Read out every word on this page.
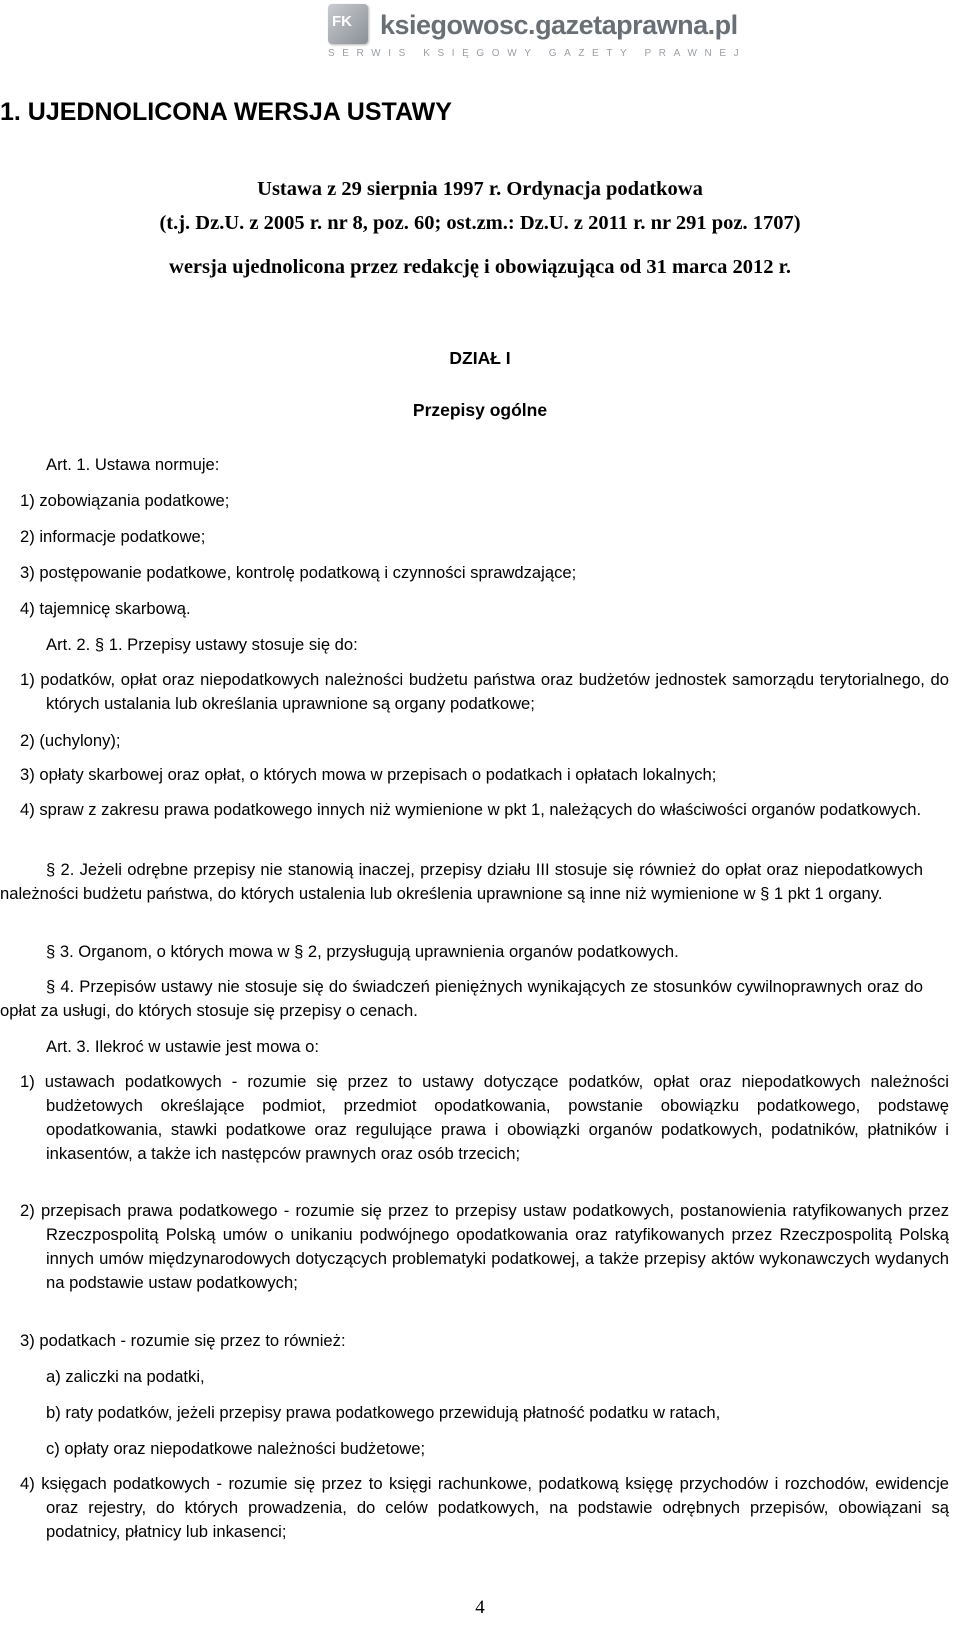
FK ksiegowosc.gazetaprawna.pl
SERWIS KSIĘGOWY GAZETY PRAWNEJ
1. UJEDNOLICONA WERSJA USTAWY
Ustawa z 29 sierpnia 1997 r. Ordynacja podatkowa
(t.j. Dz.U. z 2005 r. nr 8, poz. 60; ost.zm.: Dz.U. z 2011 r. nr 291 poz. 1707)
wersja ujednolicona przez redakcję i obowiązująca od 31 marca 2012 r.
DZIAŁ I
Przepisy ogólne
Art. 1. Ustawa normuje:
1) zobowiązania podatkowe;
2) informacje podatkowe;
3) postępowanie podatkowe, kontrolę podatkową i czynności sprawdzające;
4) tajemnicę skarbową.
Art. 2. § 1. Przepisy ustawy stosuje się do:
1) podatków, opłat oraz niepodatkowych należności budżetu państwa oraz budżetów jednostek samorządu terytorialnego, do których ustalania lub określania uprawnione są organy podatkowe;
2) (uchylony);
3) opłaty skarbowej oraz opłat, o których mowa w przepisach o podatkach i opłatach lokalnych;
4) spraw z zakresu prawa podatkowego innych niż wymienione w pkt 1, należących do właściwości organów podatkowych.
§ 2. Jeżeli odrębne przepisy nie stanowią inaczej, przepisy działu III stosuje się również do opłat oraz niepodatkowych należności budżetu państwa, do których ustalenia lub określenia uprawnione są inne niż wymienione w § 1 pkt 1 organy.
§ 3. Organom, o których mowa w § 2, przysługują uprawnienia organów podatkowych.
§ 4. Przepisów ustawy nie stosuje się do świadczeń pieniężnych wynikających ze stosunków cywilnoprawnych oraz do opłat za usługi, do których stosuje się przepisy o cenach.
Art. 3. Ilekroć w ustawie jest mowa o:
1) ustawach podatkowych - rozumie się przez to ustawy dotyczące podatków, opłat oraz niepodatkowych należności budżetowych określające podmiot, przedmiot opodatkowania, powstanie obowiązku podatkowego, podstawę opodatkowania, stawki podatkowe oraz regulujące prawa i obowiązki organów podatkowych, podatników, płatników i inkasentów, a także ich następców prawnych oraz osób trzecich;
2) przepisach prawa podatkowego - rozumie się przez to przepisy ustaw podatkowych, postanowienia ratyfikowanych przez Rzeczpospolitą Polską umów o unikaniu podwójnego opodatkowania oraz ratyfikowanych przez Rzeczpospolitą Polską innych umów międzynarodowych dotyczących problematyki podatkowej, a także przepisy aktów wykonawczych wydanych na podstawie ustaw podatkowych;
3) podatkach - rozumie się przez to również:
a) zaliczki na podatki,
b) raty podatków, jeżeli przepisy prawa podatkowego przewidują płatność podatku w ratach,
c) opłaty oraz niepodatkowe należności budżetowe;
4) księgach podatkowych - rozumie się przez to księgi rachunkowe, podatkową księgę przychodów i rozchodów, ewidencje oraz rejestry, do których prowadzenia, do celów podatkowych, na podstawie odrębnych przepisów, obowiązani są podatnicy, płatnicy lub inkasenci;
4
